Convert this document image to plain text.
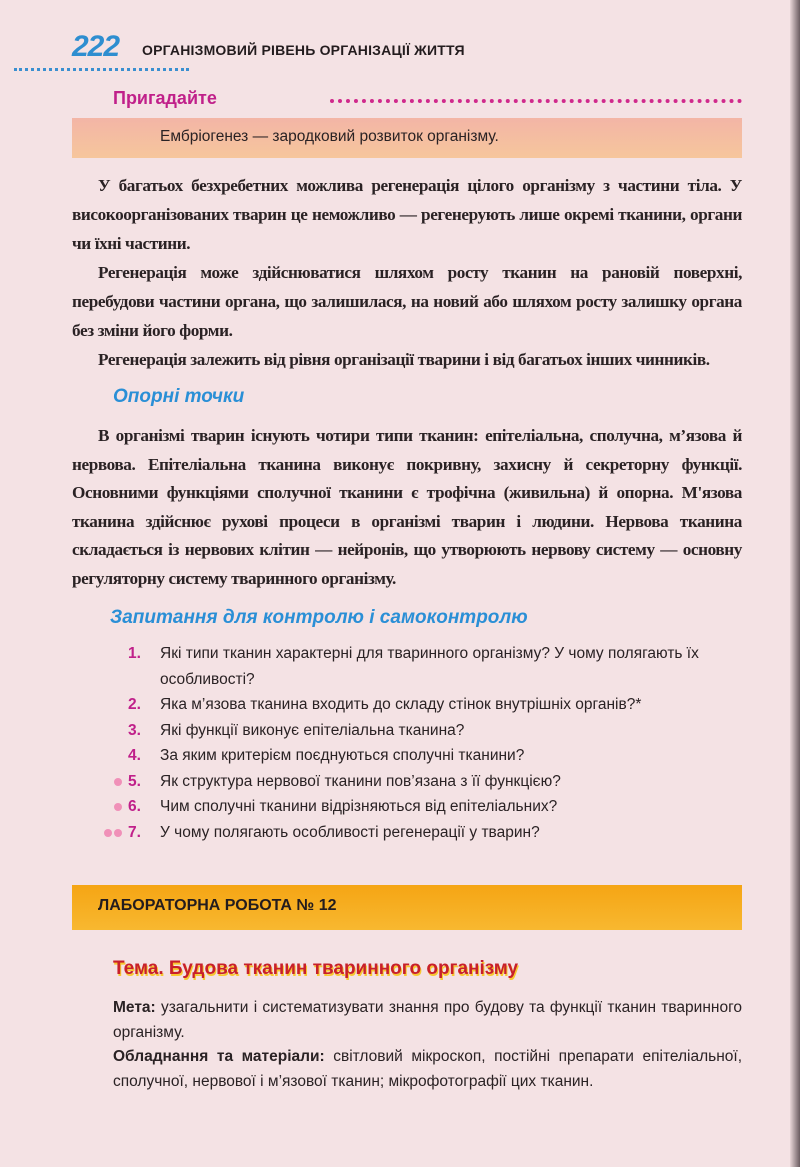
222 ОРГАНІЗМОВИЙ РІВЕНЬ ОРГАНІЗАЦІЇ ЖИТТЯ
Пригадайте
Ембріогенез — зародковий розвиток організму.

У багатьох безхребетних можлива регенерація цілого організму з частини тіла. У високоорганізованих тварин це неможливо — регенерують лише окремі тканини, органи чи їхні частини.

Регенерація може здійснюватися шляхом росту тканин на рановій поверхні, перебудови частини органа, що залишилася, на новий або шляхом росту залишку органа без зміни його форми.

Регенерація залежить від рівня організації тварини і від багатьох інших чинників.

Опорні точки

В організмі тварин існують чотири типи тканин: епітеліальна, сполучна, м’язова й нервова. Епітеліальна тканина виконує покривну, захисну й секреторну функції. Основними функціями сполучної тканини є трофічна (живильна) й опорна. М'язова тканина здійснює рухові процеси в організмі тварин і людини. Нервова тканина складається із нервових клітин — нейронів, що утворюють нервову систему — основну регуляторну систему тваринного організму.

Запитання для контролю і самоконтролю
1.	Які типи тканин характерні для тваринного організму? У чому полягають їх особливості?
2.	Яка м’язова тканина входить до складу стінок внутрішніх органів?*
3.	Які функції виконує епітеліальна тканина?
4.	За яким критерієм поєднуються сполучні тканини?
5.	Як структура нервової тканини пов’язана з її функцією?
6.	Чим сполучні тканини відрізняються від епітеліальних?
7.	У чому полягають особливості регенерації у тварин?
ЛАБОРАТОРНА РОБОТА № 12
Тема. Будова тканин тваринного організму

Мета: узагальнити і систематизувати знання про будову та функції тканин тваринного організму.

Обладнання та матеріали: світловий мікроскоп, постійні препарати епітеліальної, сполучної, нервової і м’язової тканин; мікрофотографії цих тканин.
